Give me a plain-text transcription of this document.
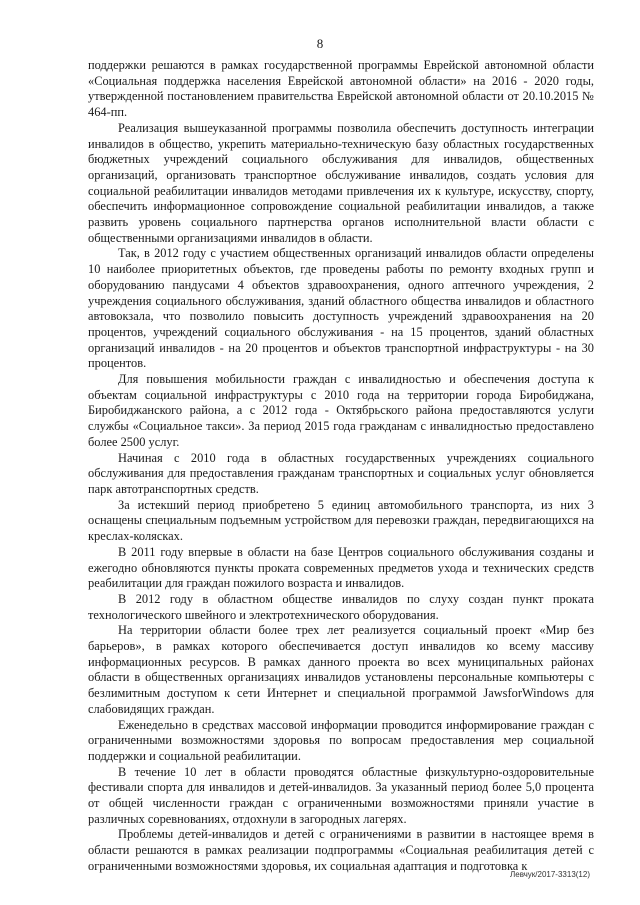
8

поддержки решаются в рамках государственной программы Еврейской автономной области «Социальная поддержка населения Еврейской автономной области» на 2016 - 2020 годы, утвержденной постановлением правительства Еврейской автономной области от 20.10.2015 № 464-пп.

Реализация вышеуказанной программы позволила обеспечить доступность интеграции инвалидов в общество, укрепить материально-техническую базу областных государственных бюджетных учреждений социального обслуживания для инвалидов, общественных организаций, организовать транспортное обслуживание инвалидов, создать условия для социальной реабилитации инвалидов методами привлечения их к культуре, искусству, спорту, обеспечить информационное сопровождение социальной реабилитации инвалидов, а также развить уровень социального партнерства органов исполнительной власти области с общественными организациями инвалидов в области.

Так, в 2012 году с участием общественных организаций инвалидов области определены 10 наиболее приоритетных объектов, где проведены работы по ремонту входных групп и оборудованию пандусами 4 объектов здравоохранения, одного аптечного учреждения, 2 учреждения социального обслуживания, зданий областного общества инвалидов и областного автовокзала, что позволило повысить доступность учреждений здравоохранения на 20 процентов, учреждений социального обслуживания - на 15 процентов, зданий областных организаций инвалидов - на 20 процентов и объектов транспортной инфраструктуры - на 30 процентов.

Для повышения мобильности граждан с инвалидностью и обеспечения доступа к объектам социальной инфраструктуры с 2010 года на территории города Биробиджана, Биробиджанского района, а с 2012 года - Октябрьского района предоставляются услуги службы «Социальное такси». За период 2015 года гражданам с инвалидностью предоставлено более 2500 услуг.

Начиная с 2010 года в областных государственных учреждениях социального обслуживания для предоставления гражданам транспортных и социальных услуг обновляется парк автотранспортных средств.

За истекший период приобретено 5 единиц автомобильного транспорта, из них 3 оснащены специальным подъемным устройством для перевозки граждан, передвигающихся на креслах-колясках.

В 2011 году впервые в области на базе Центров социального обслуживания созданы и ежегодно обновляются пункты проката современных предметов ухода и технических средств реабилитации для граждан пожилого возраста и инвалидов.

В 2012 году в областном обществе инвалидов по слуху создан пункт проката технологического швейного и электротехнического оборудования.

На территории области более трех лет реализуется социальный проект «Мир без барьеров», в рамках которого обеспечивается доступ инвалидов ко всему массиву информационных ресурсов. В рамках данного проекта во всех муниципальных районах области в общественных организациях инвалидов установлены персональные компьютеры с безлимитным доступом к сети Интернет и специальной программой JawsforWindows для слабовидящих граждан.

Еженедельно в средствах массовой информации проводится информирование граждан с ограниченными возможностями здоровья по вопросам предоставления мер социальной поддержки и социальной реабилитации.

В течение 10 лет в области проводятся областные физкультурно-оздоровительные фестивали спорта для инвалидов и детей-инвалидов. За указанный период более 5,0 процента от общей численности граждан с ограниченными возможностями приняли участие в различных соревнованиях, отдохнули в загородных лагерях.

Проблемы детей-инвалидов и детей с ограничениями в развитии в настоящее время в области решаются в рамках реализации подпрограммы «Социальная реабилитация детей с ограниченными возможностями здоровья, их социальная адаптация и подготовка к

Левчук/2017-3313(12)
